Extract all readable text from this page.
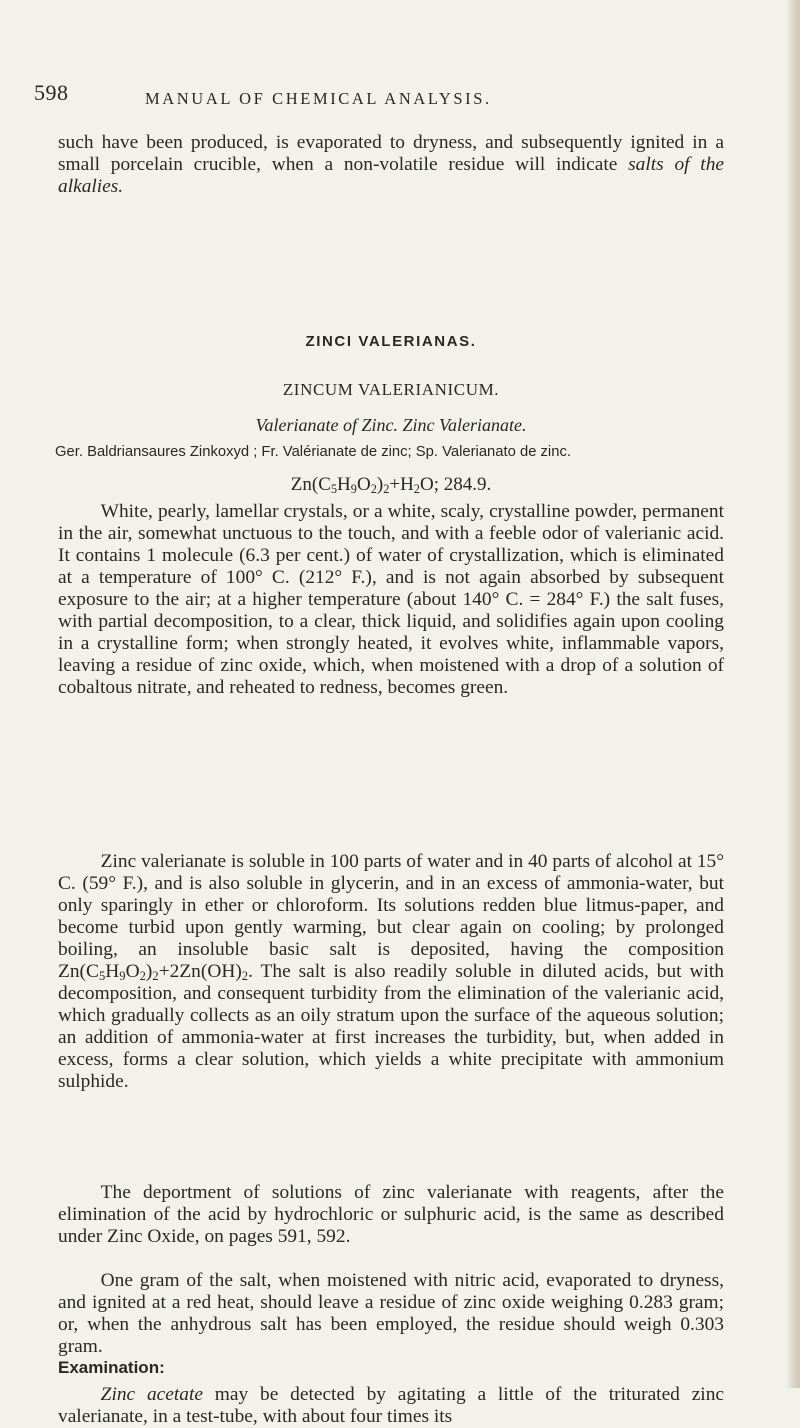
598	MANUAL OF CHEMICAL ANALYSIS.

such have been produced, is evaporated to dryness, and subsequently ignited in a small porcelain crucible, when a non-volatile residue will indicate salts of the alkalies.

ZINCI VALERIANAS.
ZINCUM VALERIANICUM.
Valerianate of Zinc. Zinc Valerianate.
Ger. Baldriansaures Zinkoxyd ; Fr. Valérianate de zinc; Sp. Valerianato de zinc.
$Zn(C_5H_9O_2)_2+H_2O$; 284.9.

White, pearly, lamellar crystals, or a white, scaly, crystalline powder, permanent in the air, somewhat unctuous to the touch, and with a feeble odor of valerianic acid. It contains 1 molecule (6.3 per cent.) of water of crystallization, which is eliminated at a temperature of 100° C. (212° F.), and is not again absorbed by subsequent exposure to the air; at a higher temperature (about 140° C. = 284° F.) the salt fuses, with partial decomposition, to a clear, thick liquid, and solidifies again upon cooling in a crystalline form; when strongly heated, it evolves white, inflammable vapors, leaving a residue of zinc oxide, which, when moistened with a drop of a solution of cobaltous nitrate, and reheated to redness, becomes green.

Zinc valerianate is soluble in 100 parts of water and in 40 parts of alcohol at 15° C. (59° F.), and is also soluble in glycerin, and in an excess of ammonia-water, but only sparingly in ether or chloroform. Its solutions redden blue litmus-paper, and become turbid upon gently warming, but clear again on cooling; by prolonged boiling, an insoluble basic salt is deposited, having the composition $Zn(C_5H_9O_2)_2+2Zn(OH)_2$. The salt is also readily soluble in diluted acids, but with decomposition, and consequent turbidity from the elimination of the valerianic acid, which gradually collects as an oily stratum upon the surface of the aqueous solution; an addition of ammonia-water at first increases the turbidity, but, when added in excess, forms a clear solution, which yields a white precipitate with ammonium sulphide.

The deportment of solutions of zinc valerianate with reagents, after the elimination of the acid by hydrochloric or sulphuric acid, is the same as described under Zinc Oxide, on pages 591, 592.

One gram of the salt, when moistened with nitric acid, evaporated to dryness, and ignited at a red heat, should leave a residue of zinc oxide weighing 0.283 gram; or, when the anhydrous salt has been employed, the residue should weigh 0.303 gram.

Examination:

Zinc acetate may be detected by agitating a little of the triturated zinc valerianate, in a test-tube, with about four times its
